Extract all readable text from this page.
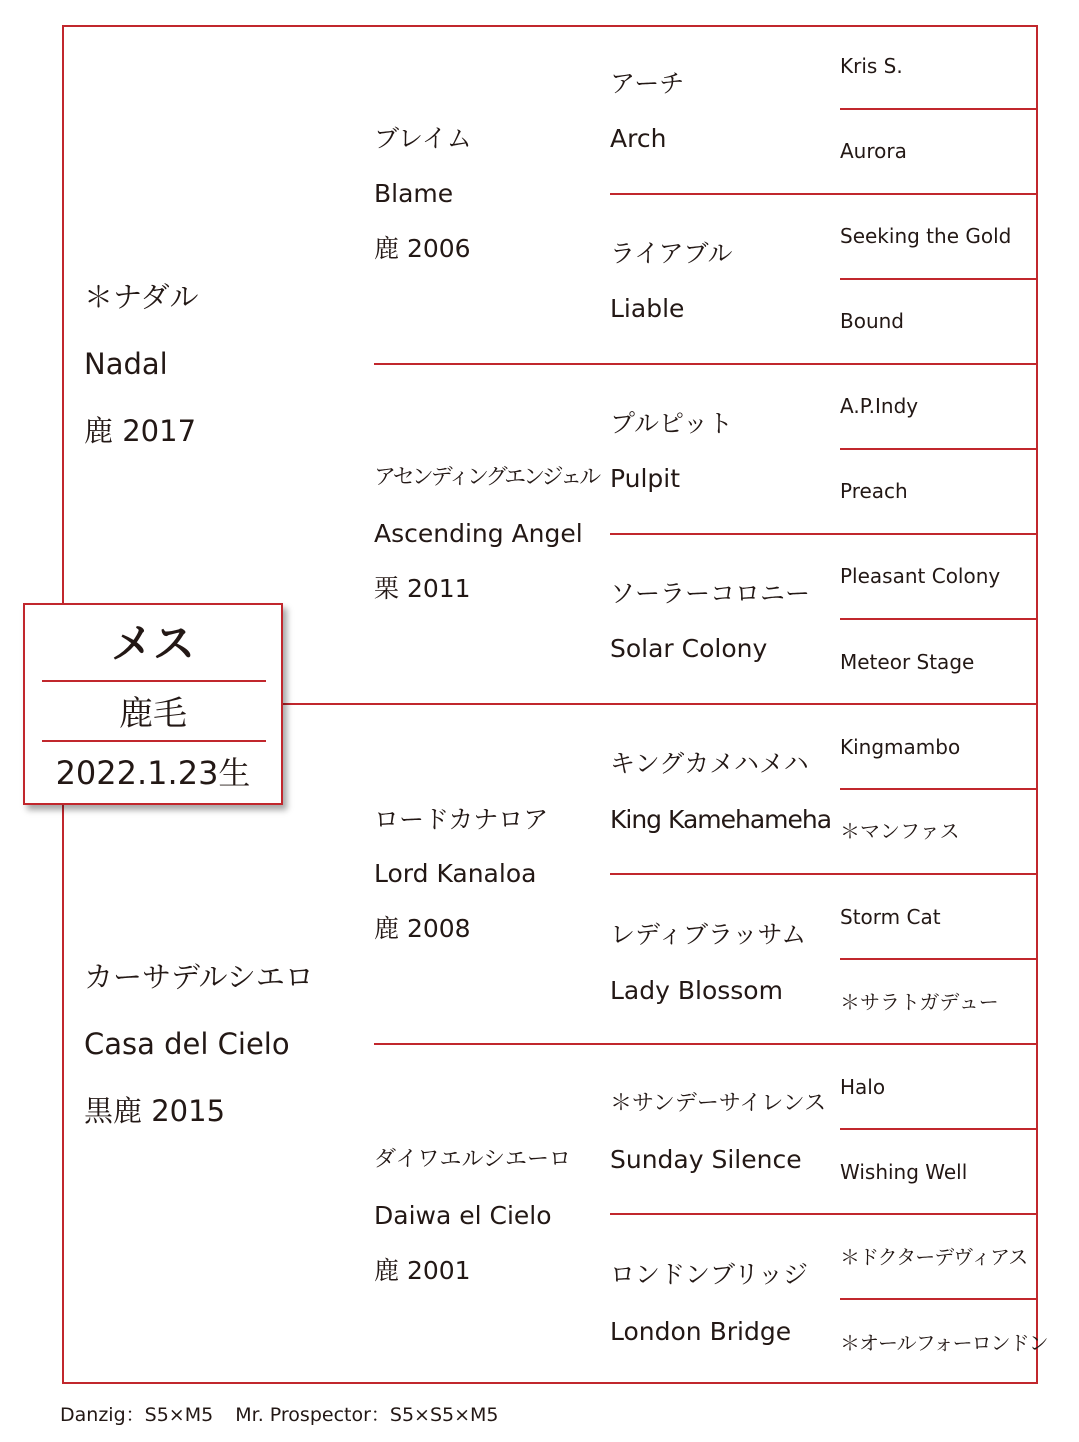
＊ナダル
Nadal
鹿 2017
カーサデルシエロ
Casa del Cielo
黒鹿 2015
ブレイム
Blame
鹿 2006
アセンディングエンジェル
Ascending Angel
栗 2011
ロードカナロア
Lord Kanaloa
鹿 2008
ダイワエルシエーロ
Daiwa el Cielo
鹿 2001
アーチ
Arch
ライアブル
Liable
プルピット
Pulpit
ソーラーコロニー
Solar Colony
キングカメハメハ
King Kamehameha
レディブラッサム
Lady Blossom
＊サンデーサイレンス
Sunday Silence
ロンドンブリッジ
London Bridge
Kris S.
Aurora
Seeking the Gold
Bound
A.P.Indy
Preach
Pleasant Colony
Meteor Stage
Kingmambo
＊マンファス
Storm Cat
＊サラトガデュー
Halo
Wishing Well
＊ドクターデヴィアス
＊オールフォーロンドン
メス
鹿毛
2022.1.23生
Danzig：S5×M5 Mr. Prospector：S5×S5×M5
